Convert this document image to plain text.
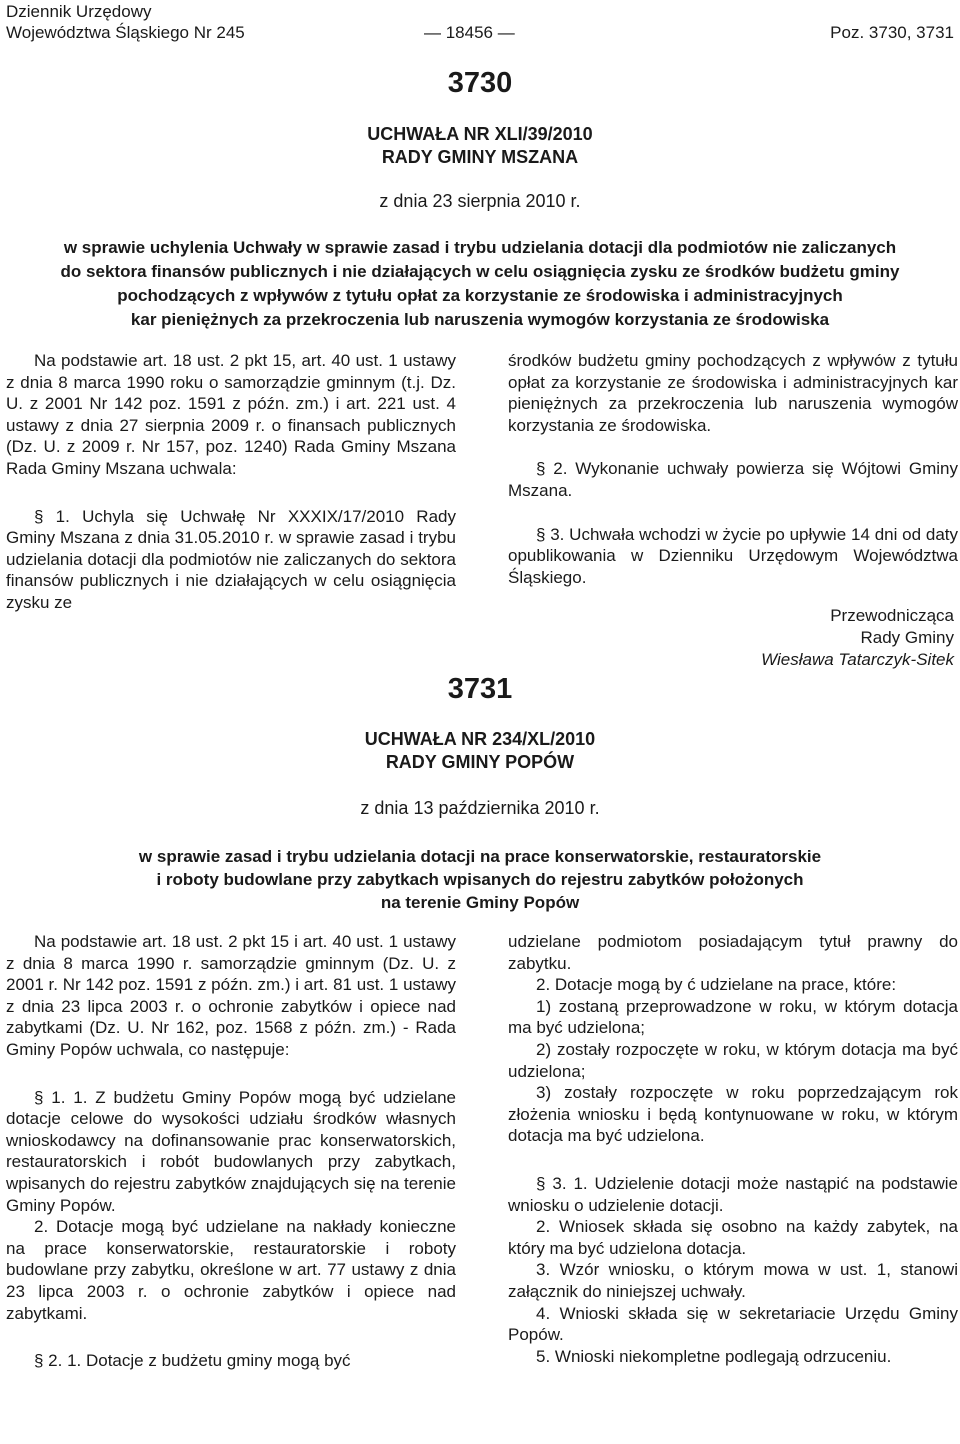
Dziennik Urzędowy
Województwa Śląskiego Nr 245	— 18456 —	Poz. 3730, 3731
3730
UCHWAŁA NR XLI/39/2010
RADY GMINY MSZANA
z dnia 23 sierpnia 2010 r.
w sprawie uchylenia Uchwały w sprawie zasad i trybu udzielania dotacji dla podmiotów nie zaliczanych
do sektora finansów publicznych i nie działających w celu osiągnięcia zysku ze środków budżetu gminy
pochodzących z wpływów z tytułu opłat za korzystanie ze środowiska i administracyjnych
kar pieniężnych za przekroczenia lub naruszenia wymogów korzystania ze środowiska

Na podstawie art. 18 ust. 2 pkt 15, art. 40 ust. 1 ustawy z dnia 8 marca 1990 roku o samorządzie gminnym (t.j. Dz. U. z 2001 Nr 142 poz. 1591 z późn. zm.) i art. 221 ust. 4 ustawy z dnia 27 sierpnia 2009 r. o finansach publicznych (Dz. U. z 2009 r. Nr 157, poz. 1240) Rada Gminy Mszana Rada Gminy Mszana uchwala:

§ 1. Uchyla się Uchwałę Nr XXXIX/17/2010 Rady Gminy Mszana z dnia 31.05.2010 r. w sprawie zasad i trybu udzielania dotacji dla podmiotów nie zaliczanych do sektora finansów publicznych i nie działających w celu osiągnięcia zysku ze

środków budżetu gminy pochodzących z wpływów z tytułu opłat za korzystanie ze środowiska i administracyjnych kar pieniężnych za przekroczenia lub naruszenia wymogów korzystania ze środowiska.

§ 2. Wykonanie uchwały powierza się Wójtowi Gminy Mszana.

§ 3. Uchwała wchodzi w życie po upływie 14 dni od daty opublikowania w Dzienniku Urzędowym Województwa Śląskiego.

Przewodnicząca
Rady Gminy
Wiesława Tatarczyk-Sitek
3731
UCHWAŁA NR 234/XL/2010
RADY GMINY POPÓW
z dnia 13 października 2010 r.
w sprawie zasad i trybu udzielania dotacji na prace konserwatorskie, restauratorskie
i roboty budowlane przy zabytkach wpisanych do rejestru zabytków położonych
na terenie Gminy Popów

Na podstawie art. 18 ust. 2 pkt 15 i art. 40 ust. 1 ustawy z dnia 8 marca 1990 r. samorządzie gminnym (Dz. U. z 2001 r. Nr 142 poz. 1591 z późn. zm.) i art. 81 ust. 1 ustawy z dnia 23 lipca 2003 r. o ochronie zabytków i opiece nad zabytkami (Dz. U. Nr 162, poz. 1568 z późn. zm.) - Rada Gminy Popów uchwala, co następuje:

§ 1. 1. Z budżetu Gminy Popów mogą być udzielane dotacje celowe do wysokości udziału środków własnych wnioskodawcy na dofinansowanie prac konserwatorskich, restauratorskich i robót budowlanych przy zabytkach, wpisanych do rejestru zabytków znajdujących się na terenie Gminy Popów.

2. Dotacje mogą być udzielane na nakłady konieczne na prace konserwatorskie, restauratorskie i roboty budowlane przy zabytku, określone w art. 77 ustawy z dnia 23 lipca 2003 r. o ochronie zabytków i opiece nad zabytkami.

§ 2. 1. Dotacje z budżetu gminy mogą być

udzielane podmiotom posiadającym tytuł prawny do zabytku.

2. Dotacje mogą by ć udzielane na prace, które:

1) zostaną przeprowadzone w roku, w którym dotacja ma być udzielona;

2) zostały rozpoczęte w roku, w którym dotacja ma być udzielona;

3) zostały rozpoczęte w roku poprzedzającym rok złożenia wniosku i będą kontynuowane w roku, w którym dotacja ma być udzielona.

§ 3. 1. Udzielenie dotacji może nastąpić na podstawie wniosku o udzielenie dotacji.

2. Wniosek składa się osobno na każdy zabytek, na który ma być udzielona dotacja.

3. Wzór wniosku, o którym mowa w ust. 1, stanowi załącznik do niniejszej uchwały.

4. Wnioski składa się w sekretariacie Urzędu Gminy Popów.

5. Wnioski niekompletne podlegają odrzuceniu.
